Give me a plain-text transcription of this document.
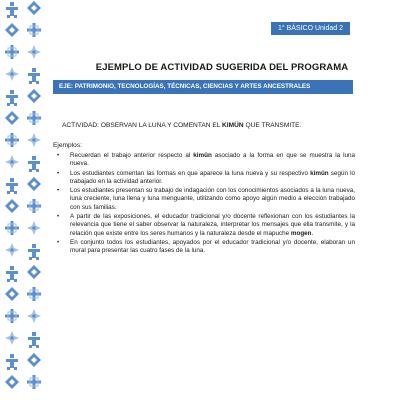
1° BÁSICO Unidad 2
EJEMPLO DE ACTIVIDAD SUGERIDA DEL PROGRAMA
EJE: PATRIMONIO, TECNOLOGÍAS, TÉCNICAS, CIENCIAS Y ARTES ANCESTRALES
ACTIVIDAD: OBSERVAN LA LUNA Y COMENTAN EL KIMÜN QUE TRANSMITE.
Ejemplos:
• Recuerdan el trabajo anterior respecto al kimün asociado a la forma en que se muestra la luna nueva.
• Los estudiantes comentan las formas en que aparece la luna nueva y su respectivo kimün según lo trabajado en la actividad anterior.
• Los estudiantes presentan su trabajo de indagación con los conocimientos asociados a la luna nueva, luna creciente, luna llena y luna menguante, utilizando como apoyo algún medio a elección trabajado con sus familias.
• A partir de las exposiciones, el educador tradicional y/o docente reflexionan con los estudiantes la relevancia que tiene el saber observar la naturaleza, interpretar los mensajes que ella transmite, y la relación que existe entre los seres humanos y la naturaleza desde el mapuche mogen.
• En conjunto todos los estudiantes, apoyados por el educador tradicional y/o docente, elaboran un mural para presentar las cuatro fases de la luna.
